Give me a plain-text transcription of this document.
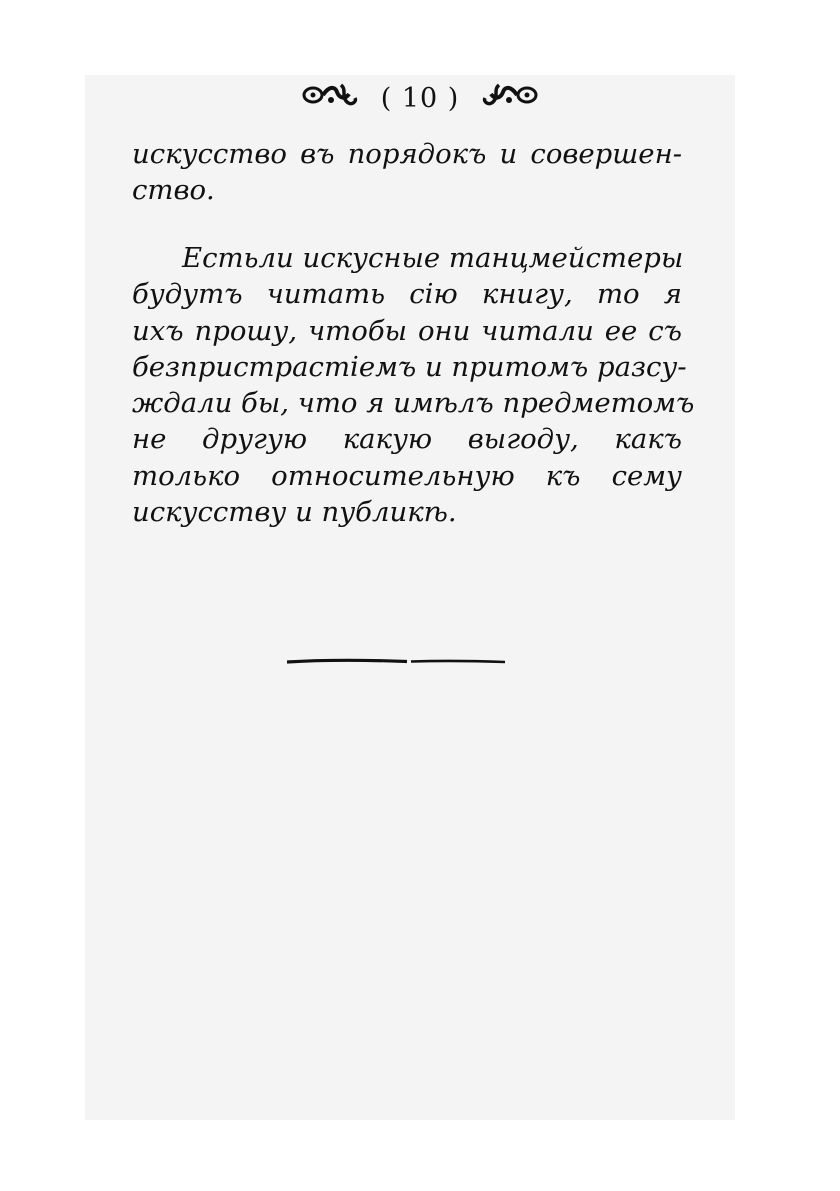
( 10 )
искусство въ порядокъ и совершен-
ство.
Естьли искусные танцмейстеры
будутъ читать сiю книгу, то я
ихъ прошу, чтобы они читали ее съ
безпристрастiемъ и притомъ разсу-
ждали бы, что я имѣлъ предметомъ
не другую какую выгоду, какъ
только относительную къ сему
искусству и публикѣ.
